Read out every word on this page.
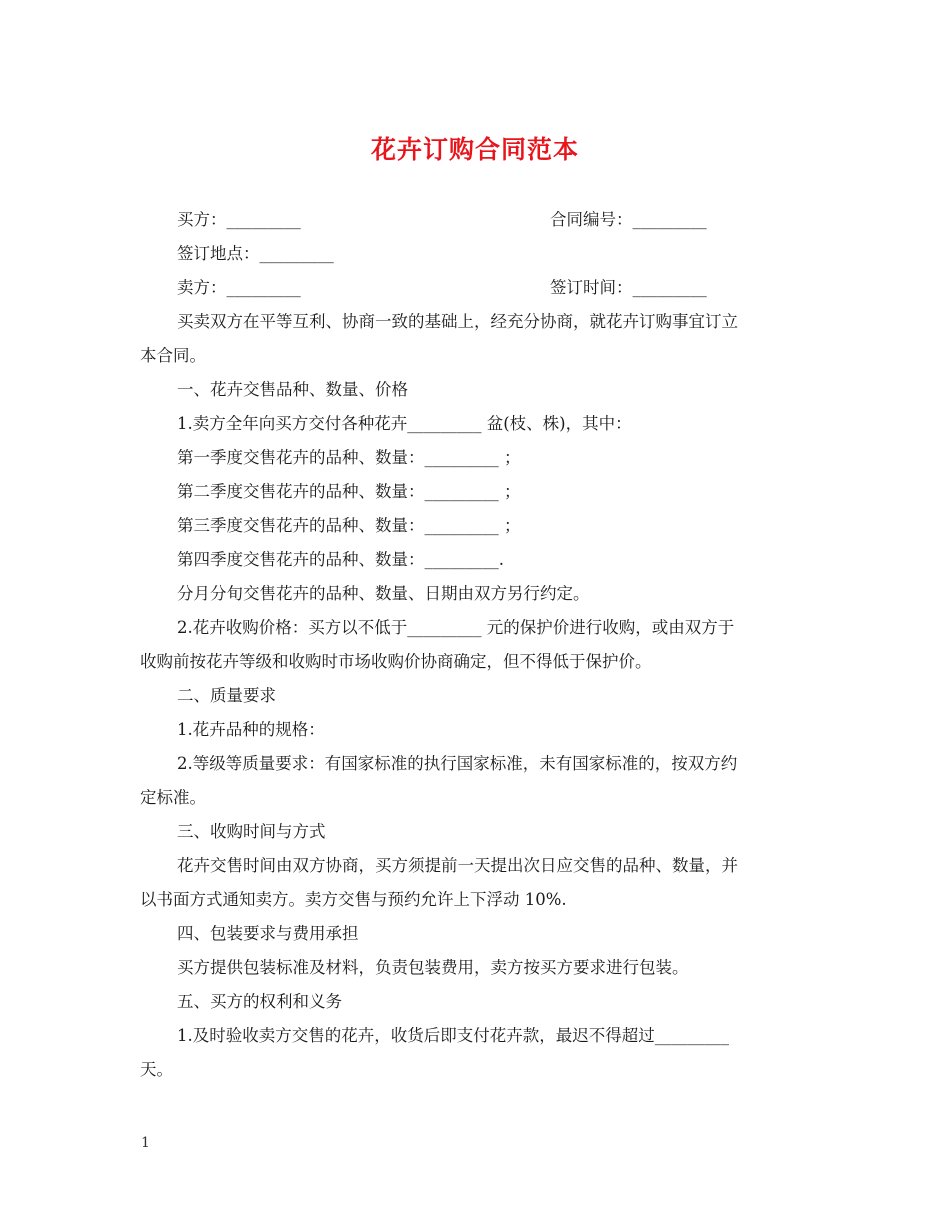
花卉订购合同范本
买方：_________	合同编号：_________
签订地点：_________
卖方：_________	签订时间：_________
买卖双方在平等互利、协商一致的基础上，经充分协商，就花卉订购事宜订立
本合同。
一、花卉交售品种、数量、价格
1.卖方全年向买方交付各种花卉_________ 盆(枝、株)，其中：
第一季度交售花卉的品种、数量：_________ ；
第二季度交售花卉的品种、数量：_________ ；
第三季度交售花卉的品种、数量：_________ ；
第四季度交售花卉的品种、数量：_________.
分月分旬交售花卉的品种、数量、日期由双方另行约定。
2.花卉收购价格：买方以不低于_________ 元的保护价进行收购，或由双方于
收购前按花卉等级和收购时市场收购价协商确定，但不得低于保护价。
二、质量要求
1.花卉品种的规格：
2.等级等质量要求：有国家标准的执行国家标准，未有国家标准的，按双方约
定标准。
三、收购时间与方式
花卉交售时间由双方协商，买方须提前一天提出次日应交售的品种、数量，并
以书面方式通知卖方。卖方交售与预约允许上下浮动 10%.
四、包装要求与费用承担
买方提供包装标准及材料，负责包装费用，卖方按买方要求进行包装。
五、买方的权利和义务
1.及时验收卖方交售的花卉，收货后即支付花卉款，最迟不得超过_________
天。
1
